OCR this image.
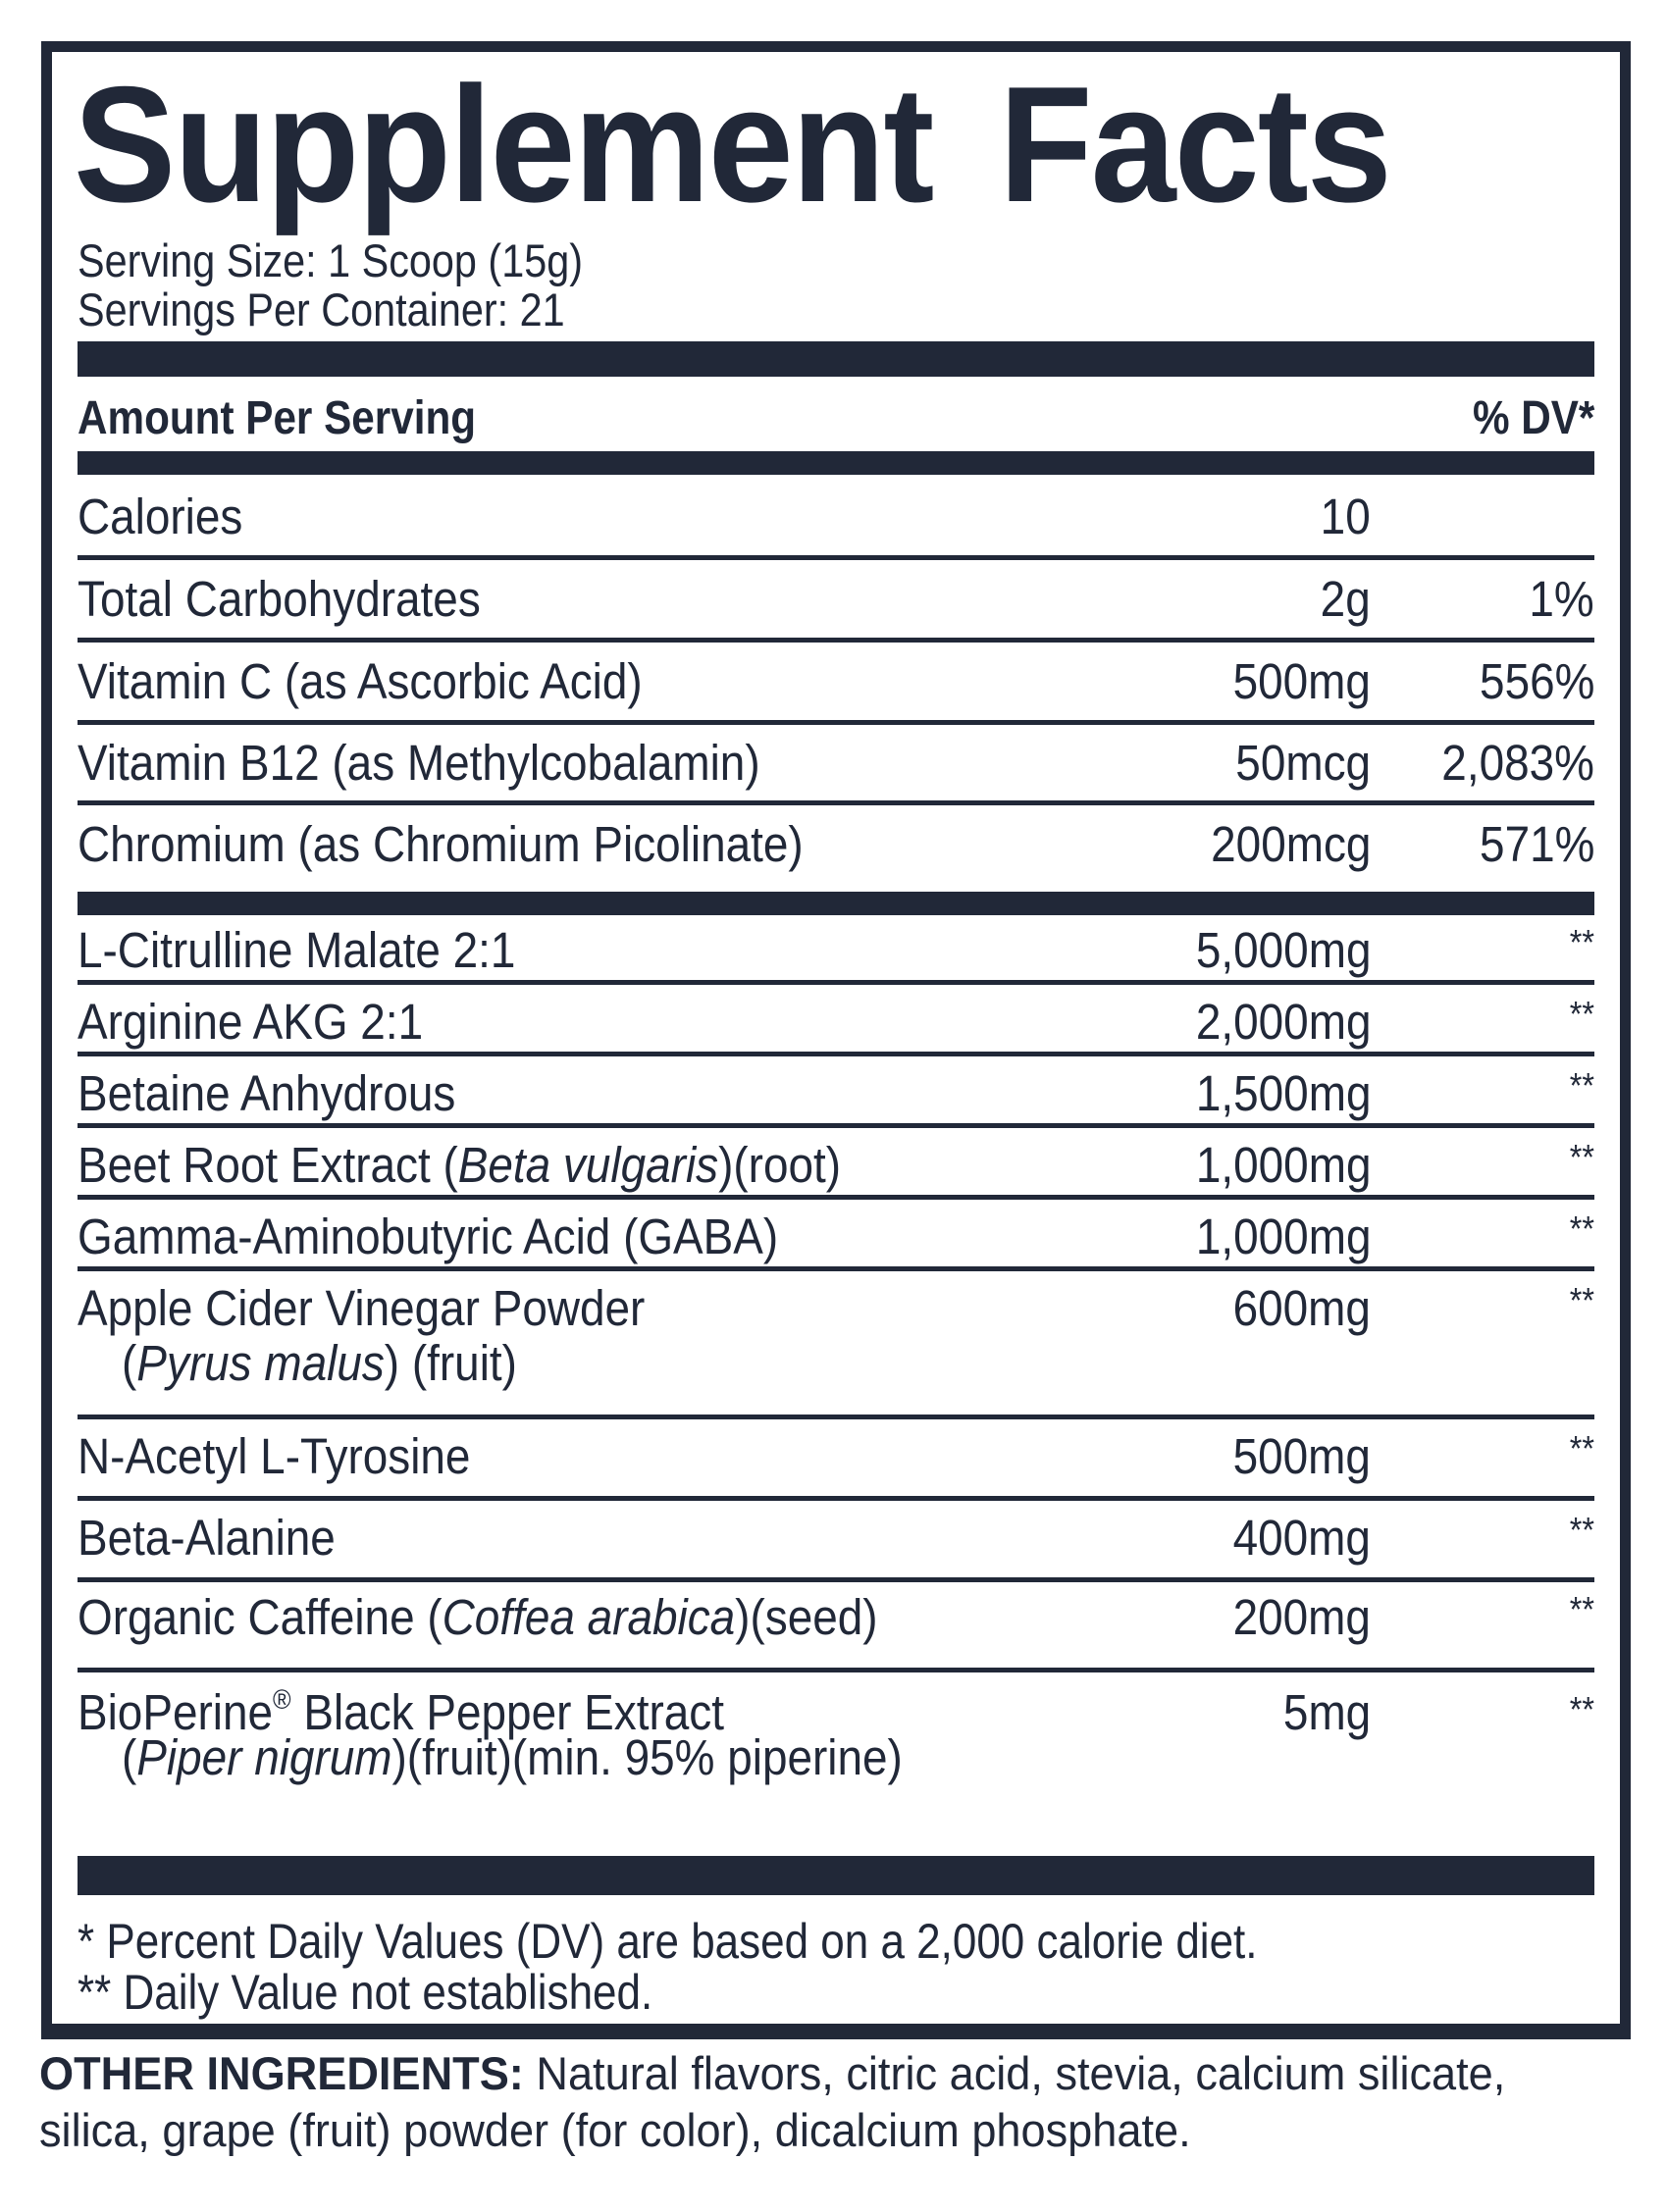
Supplement Facts
Serving Size: 1 Scoop (15g)
Servings Per Container: 21
Amount Per Serving	% DV*
Calories	10
Total Carbohydrates	2g	1%
Vitamin C (as Ascorbic Acid)	500mg 556%
Vitamin B12 (as Methylcobalamin)	50mcg 2,083%
Chromium (as Chromium Picolinate)	200mcg 571%
L-Citrulline Malate 2:1	5,000mg	**
Arginine AKG 2:1	2,000mg	**
Betaine Anhydrous	1,500mg	**
Beet Root Extract (Beta vulgaris)(root)	1,000mg	**
Gamma-Aminobutyric Acid (GABA)	1,000mg	**
Apple Cider Vinegar Powder
(Pyrus malus) (fruit)
600mg	**
N-Acetyl L-Tyrosine	500mg	**
Beta-Alanine	400mg	**
Organic Caffeine (Coffea arabica)(seed)	200mg	**
BioPerine® Black Pepper Extract
(Piper nigrum)(fruit)(min. 95% piperine)
5mg	**
* Percent Daily Values (DV) are based on a 2,000 calorie diet.
** Daily Value not established.
OTHER INGREDIENTS: Natural flavors, citric acid, stevia, calcium silicate, silica, grape (fruit) powder (for color), dicalcium phosphate.
